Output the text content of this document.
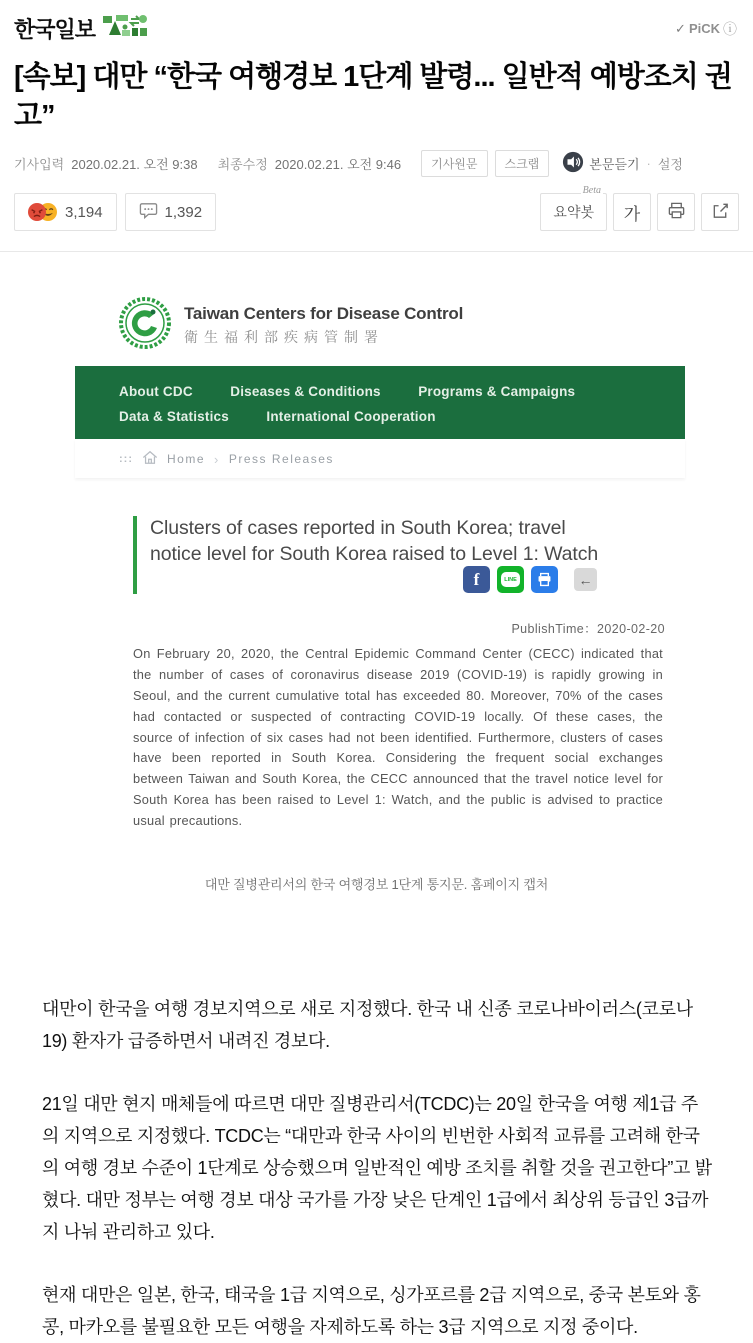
한국일보	✓ PiCK ⓘ
[속보] 대만 “한국 여행경보 1단계 발령... 일반적 예방조치 권고”
기사입력 2020.02.21. 오전 9:38 최종수정 2020.02.21. 오전 9:46	기사원문	스크랩	본문듣기 · 설정
3,194	1,392
Beta
요약봇 가
Taiwan Centers for Disease Control
衛生福利部疾病管制署
About CDC	Diseases & Conditions	Programs & Campaigns
Data & Statistics	International Cooperation
:::	Home › Press Releases
Clusters of cases reported in South Korea; travel notice level for South Korea raised to Level 1: Watch
f	LINE	←
PublishTime：2020-02-20

On February 20, 2020, the Central Epidemic Command Center (CECC) indicated that the number of cases of coronavirus disease 2019 (COVID-19) is rapidly growing in Seoul, and the current cumulative total has exceeded 80. Moreover, 70% of the cases had contacted or suspected of contracting COVID-19 locally. Of these cases, the source of infection of six cases had not been identified. Furthermore, clusters of cases have been reported in South Korea. Considering the frequent social exchanges between Taiwan and South Korea, the CECC announced that the travel notice level for South Korea has been raised to Level 1: Watch, and the public is advised to practice usual precautions.

대만 질병관리서의 한국 여행경보 1단계 통지문. 홈페이지 캡처

대만이 한국을 여행 경보지역으로 새로 지정했다. 한국 내 신종 코로나바이러스(코로나19) 환자가 급증하면서 내려진 경보다.

21일 대만 현지 매체들에 따르면 대만 질병관리서(TCDC)는 20일 한국을 여행 제1급 주의 지역으로 지정했다. TCDC는 “대만과 한국 사이의 빈번한 사회적 교류를 고려해 한국의 여행 경보 수준이 1단계로 상승했으며 일반적인 예방 조치를 취할 것을 권고한다”고 밝혔다. 대만 정부는 여행 경보 대상 국가를 가장 낮은 단계인 1급에서 최상위 등급인 3급까지 나눠 관리하고 있다.

현재 대만은 일본, 한국, 태국을 1급 지역으로, 싱가포르를 2급 지역으로, 중국 본토와 홍콩, 마카오를 불필요한 모든 여행을 자제하도록 하는 3급 지역으로 지정 중이다.
